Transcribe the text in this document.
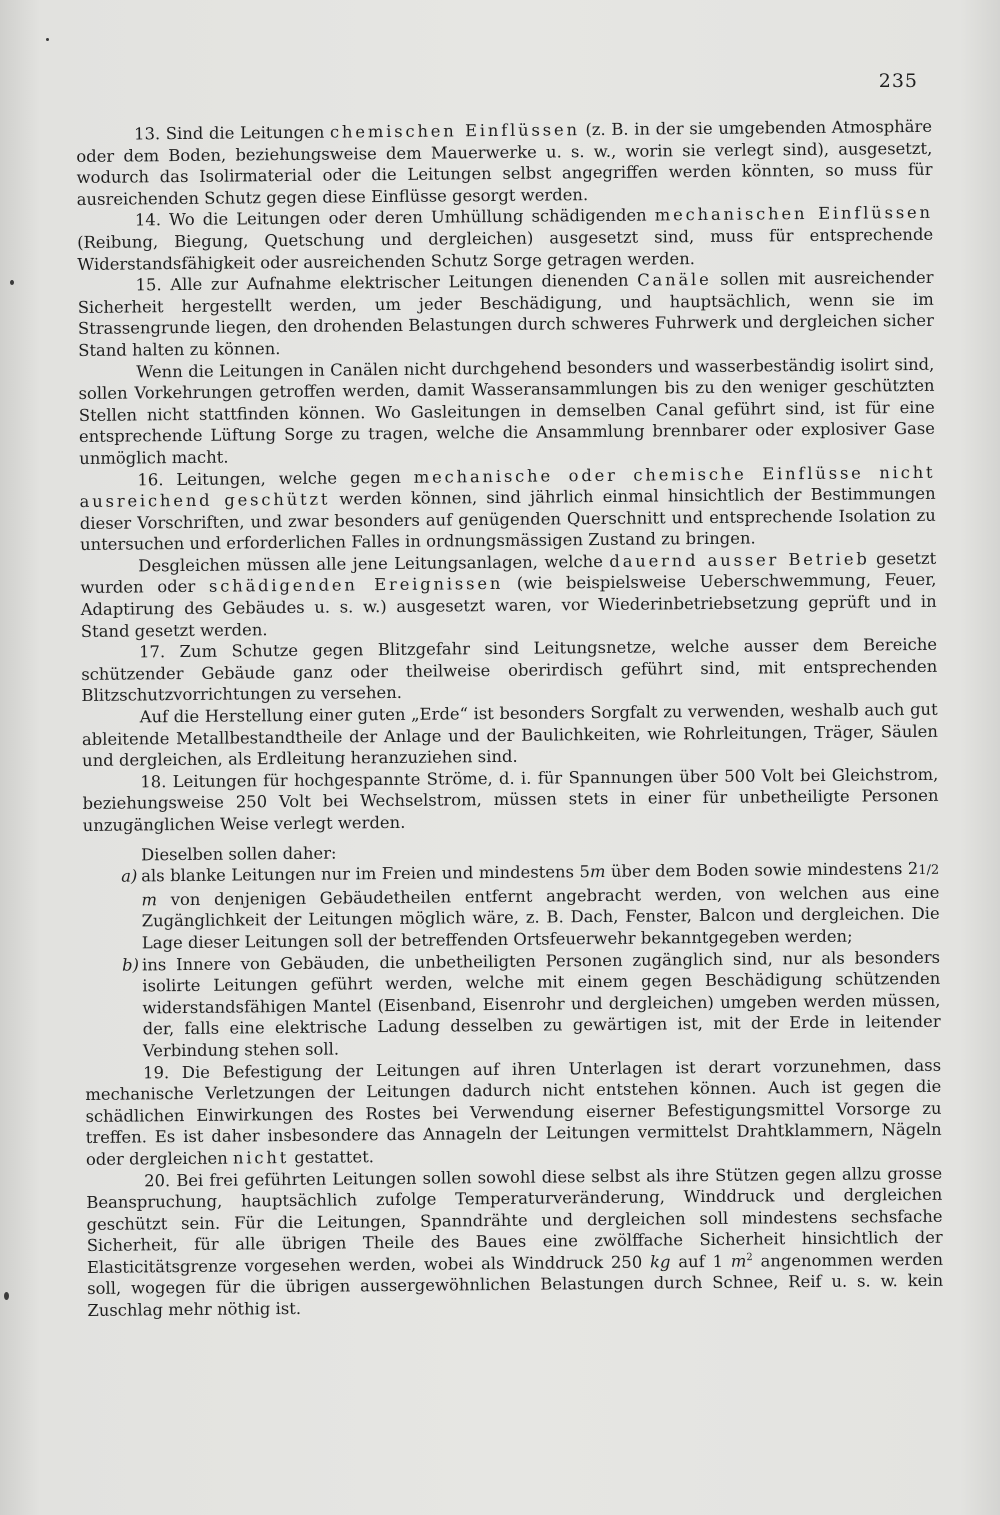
235

13. Sind die Leitungen chemischen Einflüssen (z. B. in der sie umgebenden Atmosphäre oder dem Boden, beziehungsweise dem Mauerwerke u. s. w., worin sie verlegt sind), ausgesetzt, wodurch das Isolirmaterial oder die Leitungen selbst angegriffen werden könnten, so muss für ausreichenden Schutz gegen diese Einflüsse gesorgt werden.

14. Wo die Leitungen oder deren Umhüllung schädigenden mechanischen Einflüssen (Reibung, Biegung, Quetschung und dergleichen) ausgesetzt sind, muss für entsprechende Widerstandsfähigkeit oder ausreichenden Schutz Sorge getragen werden.

15. Alle zur Aufnahme elektrischer Leitungen dienenden Canäle sollen mit ausreichender Sicherheit hergestellt werden, um jeder Beschädigung, und hauptsächlich, wenn sie im Strassengrunde liegen, den drohenden Belastungen durch schweres Fuhrwerk und dergleichen sicher Stand halten zu können.

Wenn die Leitungen in Canälen nicht durchgehend besonders und wasserbeständig isolirt sind, sollen Vorkehrungen getroffen werden, damit Wasseransammlungen bis zu den weniger geschützten Stellen nicht stattfinden können. Wo Gasleitungen in demselben Canal geführt sind, ist für eine entsprechende Lüftung Sorge zu tragen, welche die Ansammlung brennbarer oder explosiver Gase unmöglich macht.

16. Leitungen, welche gegen mechanische oder chemische Einflüsse nicht ausreichend geschützt werden können, sind jährlich einmal hinsichtlich der Bestimmungen dieser Vorschriften, und zwar besonders auf genügenden Querschnitt und entsprechende Isolation zu untersuchen und erforderlichen Falles in ordnungsmässigen Zustand zu bringen.

Desgleichen müssen alle jene Leitungsanlagen, welche dauernd ausser Betrieb gesetzt wurden oder schädigenden Ereignissen (wie beispielsweise Ueberschwemmung, Feuer, Adaptirung des Gebäudes u. s. w.) ausgesetzt waren, vor Wiederinbetriebsetzung geprüft und in Stand gesetzt werden.

17. Zum Schutze gegen Blitzgefahr sind Leitungsnetze, welche ausser dem Bereiche schützender Gebäude ganz oder theilweise oberirdisch geführt sind, mit entsprechenden Blitzschutzvorrichtungen zu versehen.

Auf die Herstellung einer guten „Erde“ ist besonders Sorgfalt zu verwenden, weshalb auch gut ableitende Metallbestandtheile der Anlage und der Baulichkeiten, wie Rohrleitungen, Träger, Säulen und dergleichen, als Erdleitung heranzuziehen sind.

18. Leitungen für hochgespannte Ströme, d. i. für Spannungen über 500 Volt bei Gleichstrom, beziehungsweise 250 Volt bei Wechselstrom, müssen stets in einer für unbetheiligte Personen unzugänglichen Weise verlegt werden.

Dieselben sollen daher:

a) als blanke Leitungen nur im Freien und mindestens 5m über dem Boden sowie mindestens 21/2 m von denjenigen Gebäudetheilen entfernt angebracht werden, von welchen aus eine Zugänglichkeit der Leitungen möglich wäre, z. B. Dach, Fenster, Balcon und dergleichen. Die Lage dieser Leitungen soll der betreffenden Ortsfeuerwehr bekanntgegeben werden;
b) ins Innere von Gebäuden, die unbetheiligten Personen zugänglich sind, nur als besonders isolirte Leitungen geführt werden, welche mit einem gegen Beschädigung schützenden widerstandsfähigen Mantel (Eisenband, Eisenrohr und dergleichen) umgeben werden müssen, der, falls eine elektrische Ladung desselben zu gewärtigen ist, mit der Erde in leitender Verbindung stehen soll.

19. Die Befestigung der Leitungen auf ihren Unterlagen ist derart vorzunehmen, dass mechanische Verletzungen der Leitungen dadurch nicht entstehen können. Auch ist gegen die schädlichen Einwirkungen des Rostes bei Verwendung eiserner Befestigungsmittel Vorsorge zu treffen. Es ist daher insbesondere das Annageln der Leitungen vermittelst Drahtklammern, Nägeln oder dergleichen nicht gestattet.

20. Bei frei geführten Leitungen sollen sowohl diese selbst als ihre Stützen gegen allzu grosse Beanspruchung, hauptsächlich zufolge Temperaturveränderung, Winddruck und dergleichen geschützt sein. Für die Leitungen, Spanndrähte und dergleichen soll mindestens sechsfache Sicherheit, für alle übrigen Theile des Baues eine zwölffache Sicherheit hinsichtlich der Elasticitätsgrenze vorgesehen werden, wobei als Winddruck 250 kg auf 1 $m^2$ angenommen werden soll, wogegen für die übrigen aussergewöhnlichen Belastungen durch Schnee, Reif u. s. w. kein Zuschlag mehr nöthig ist.
